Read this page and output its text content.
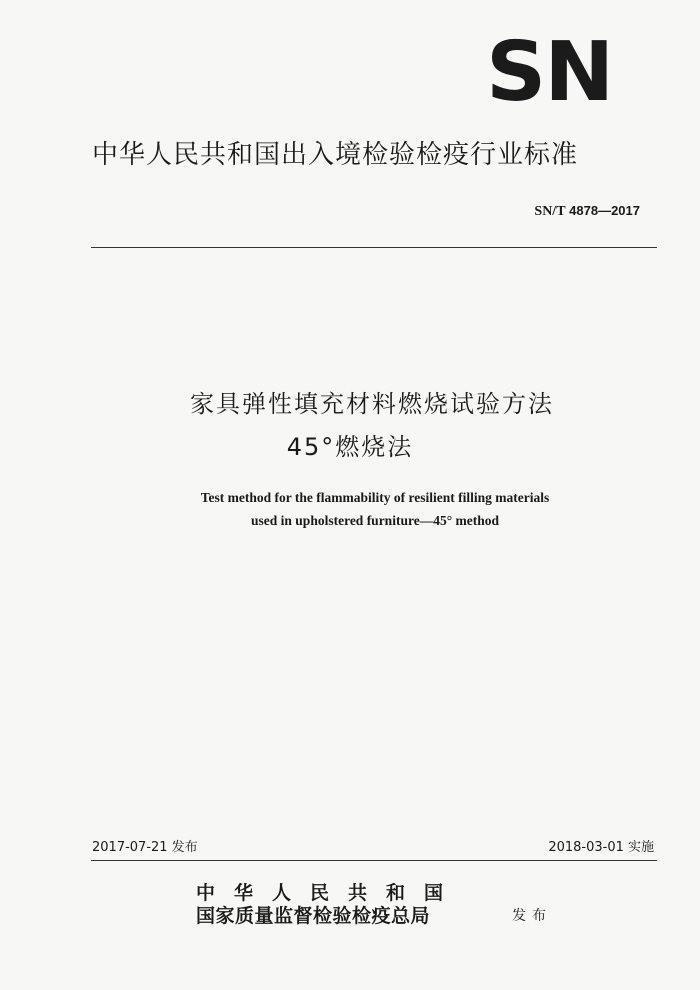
SN
中华人民共和国出入境检验检疫行业标准
SN/T 4878—2017
家具弹性填充材料燃烧试验方法
45°燃烧法
Test method for the flammability of resilient filling materials
used in upholstered furniture—45° method
2017-07-21 发布	2018-03-01 实施
中华人民共和国
国家质量监督检验检疫总局	发布
